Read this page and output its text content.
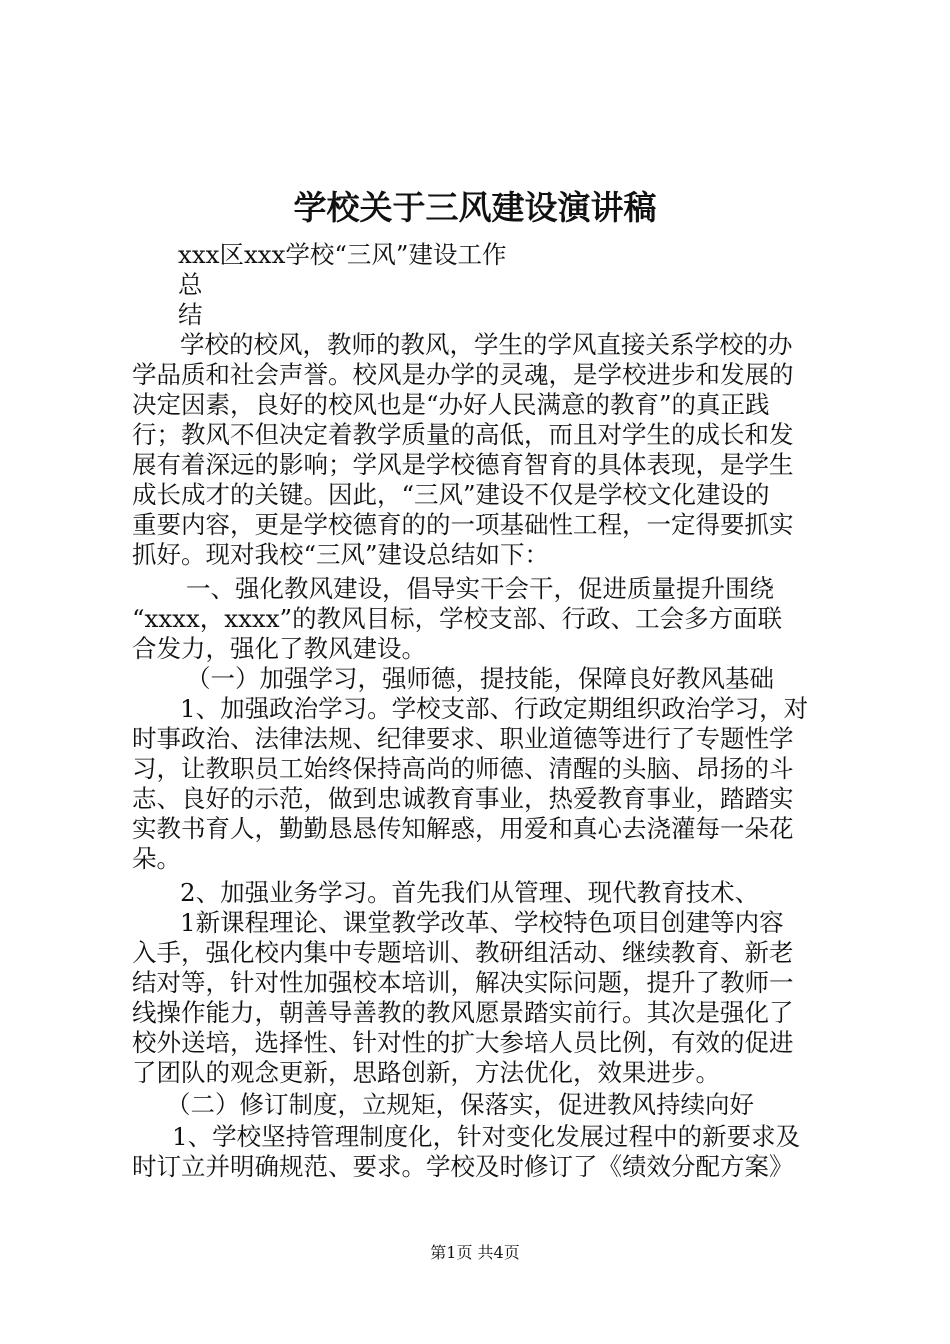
学校关于三风建设演讲稿
xxx区xxx学校“三风”建设工作
总
结
学校的校风，教师的教风，学生的学风直接关系学校的办
学品质和社会声誉。校风是办学的灵魂，是学校进步和发展的
决定因素，良好的校风也是“办好人民满意的教育”的真正践
行；教风不但决定着教学质量的高低，而且对学生的成长和发
展有着深远的影响；学风是学校德育智育的具体表现，是学生
成长成才的关键。因此，“三风”建设不仅是学校文化建设的
重要内容，更是学校德育的的一项基础性工程，一定得要抓实
抓好。现对我校“三风”建设总结如下：
一、强化教风建设，倡导实干会干，促进质量提升围绕
“xxxx，xxxx”的教风目标，学校支部、行政、工会多方面联
合发力，强化了教风建设。
（一）加强学习，强师德，提技能，保障良好教风基础
1、加强政治学习。学校支部、行政定期组织政治学习，对
时事政治、法律法规、纪律要求、职业道德等进行了专题性学
习，让教职员工始终保持高尚的师德、清醒的头脑、昂扬的斗
志、良好的示范，做到忠诚教育事业，热爱教育事业，踏踏实
实教书育人，勤勤恳恳传知解惑，用爱和真心去浇灌每一朵花
朵。
2、加强业务学习。首先我们从管理、现代教育技术、
1新课程理论、课堂教学改革、学校特色项目创建等内容
入手，强化校内集中专题培训、教研组活动、继续教育、新老
结对等，针对性加强校本培训，解决实际问题，提升了教师一
线操作能力，朝善导善教的教风愿景踏实前行。其次是强化了
校外送培，选择性、针对性的扩大参培人员比例，有效的促进
了团队的观念更新，思路创新，方法优化，效果进步。
（二）修订制度，立规矩，保落实，促进教风持续向好
1、学校坚持管理制度化，针对变化发展过程中的新要求及
时订立并明确规范、要求。学校及时修订了《绩效分配方案》
第1页 共4页
